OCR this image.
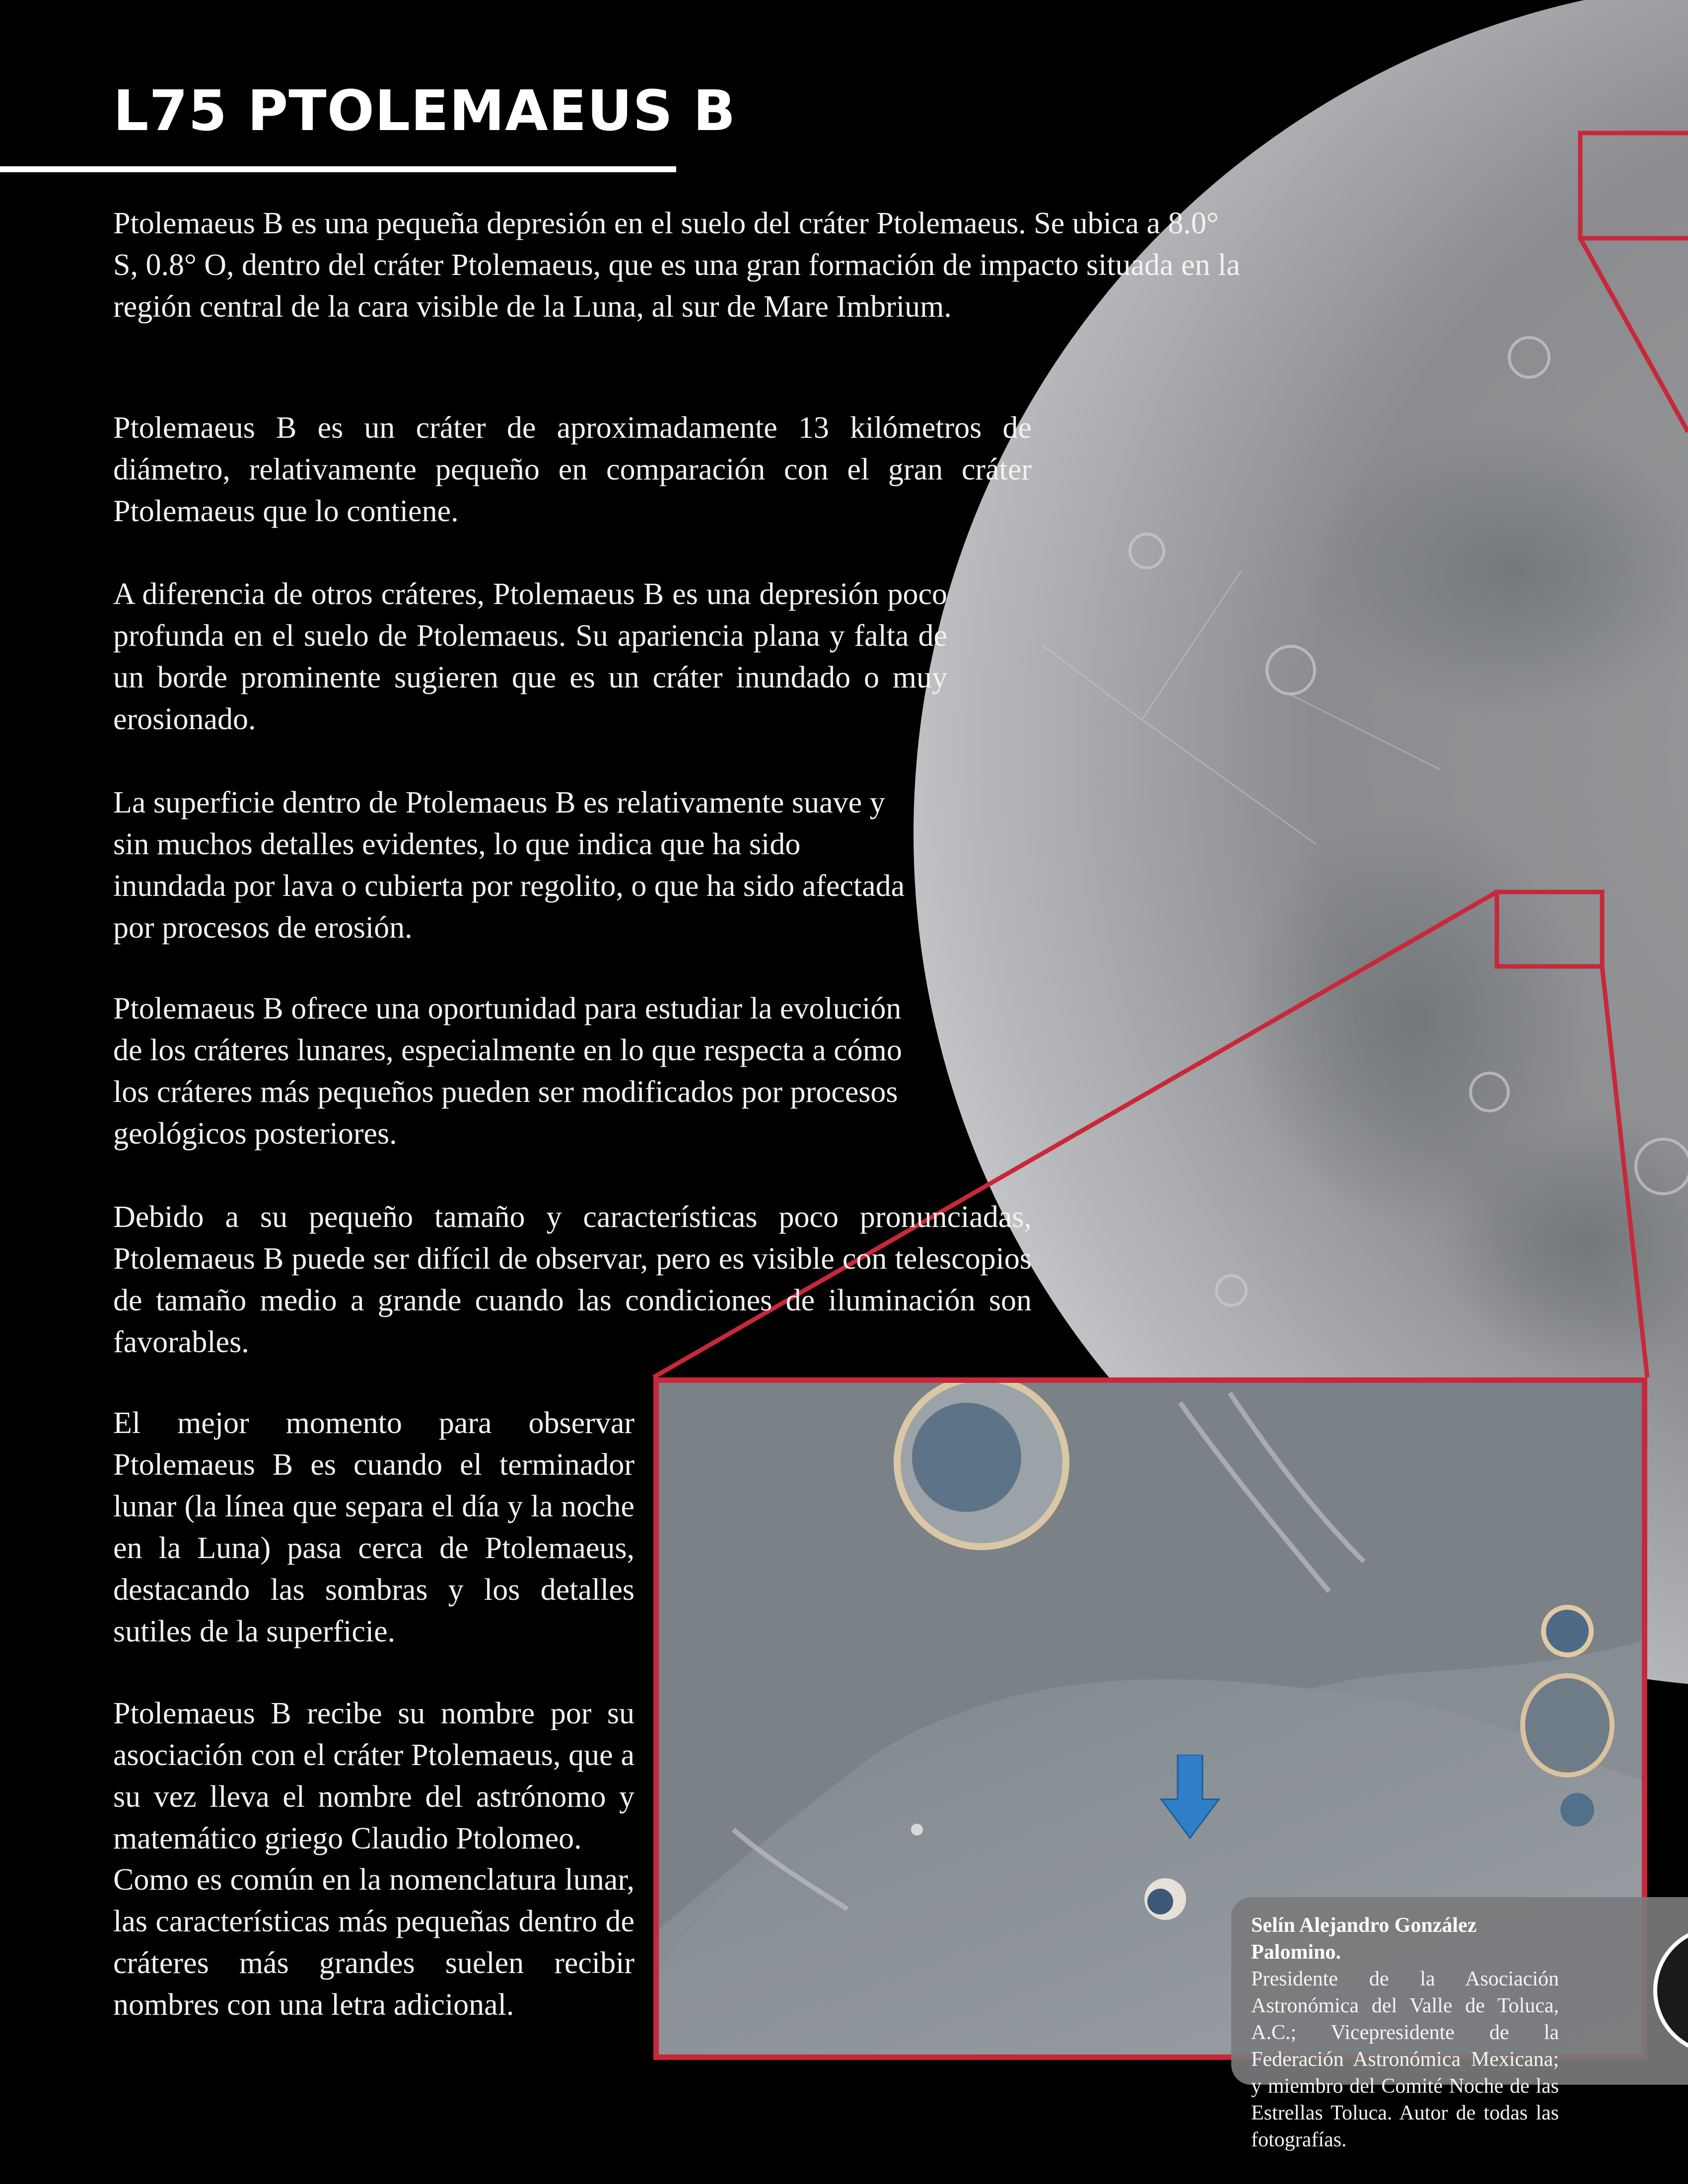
L75 PTOLEMAEUS B

Ptolemaeus B es una pequeña depresión en el suelo del cráter Ptolemaeus. Se ubica a 8.0° S, 0.8° O, dentro del cráter Ptolemaeus, que es una gran formación de impacto situada en la región central de la cara visible de la Luna, al sur de Mare Imbrium.

Ptolemaeus B es un cráter de aproximadamente 13 kilómetros de diámetro, relativamente pequeño en comparación con el gran cráter Ptolemaeus que lo contiene.

A diferencia de otros cráteres, Ptolemaeus B es una depresión poco profunda en el suelo de Ptolemaeus. Su apariencia plana y falta de un borde prominente sugieren que es un cráter inundado o muy erosionado.

La superficie dentro de Ptolemaeus B es relativamente suave y sin muchos detalles evidentes, lo que indica que ha sido inundada por lava o cubierta por regolito, o que ha sido afectada por procesos de erosión.

Ptolemaeus B ofrece una oportunidad para estudiar la evolución de los cráteres lunares, especialmente en lo que respecta a cómo los cráteres más pequeños pueden ser modificados por procesos geológicos posteriores.

Debido a su pequeño tamaño y características poco pronunciadas, Ptolemaeus B puede ser difícil de observar, pero es visible con telescopios de tamaño medio a grande cuando las condiciones de iluminación son favorables.

El mejor momento para observar Ptolemaeus B es cuando el terminador lunar (la línea que separa el día y la noche en la Luna) pasa cerca de Ptolemaeus, destacando las sombras y los detalles sutiles de la superficie.

Ptolemaeus B recibe su nombre por su asociación con el cráter Ptolemaeus, que a su vez lleva el nombre del astrónomo y matemático griego Claudio Ptolomeo.

Como es común en la nomenclatura lunar, las características más pequeñas dentro de cráteres más grandes suelen recibir nombres con una letra adicional.

Selín Alejandro González Palomino.

Presidente de la Asociación Astronómica del Valle de Toluca, A.C.; Vicepresidente de la Federación Astronómica Mexicana; y miembro del Comité Noche de las Estrellas Toluca. Autor de todas las fotografías.
